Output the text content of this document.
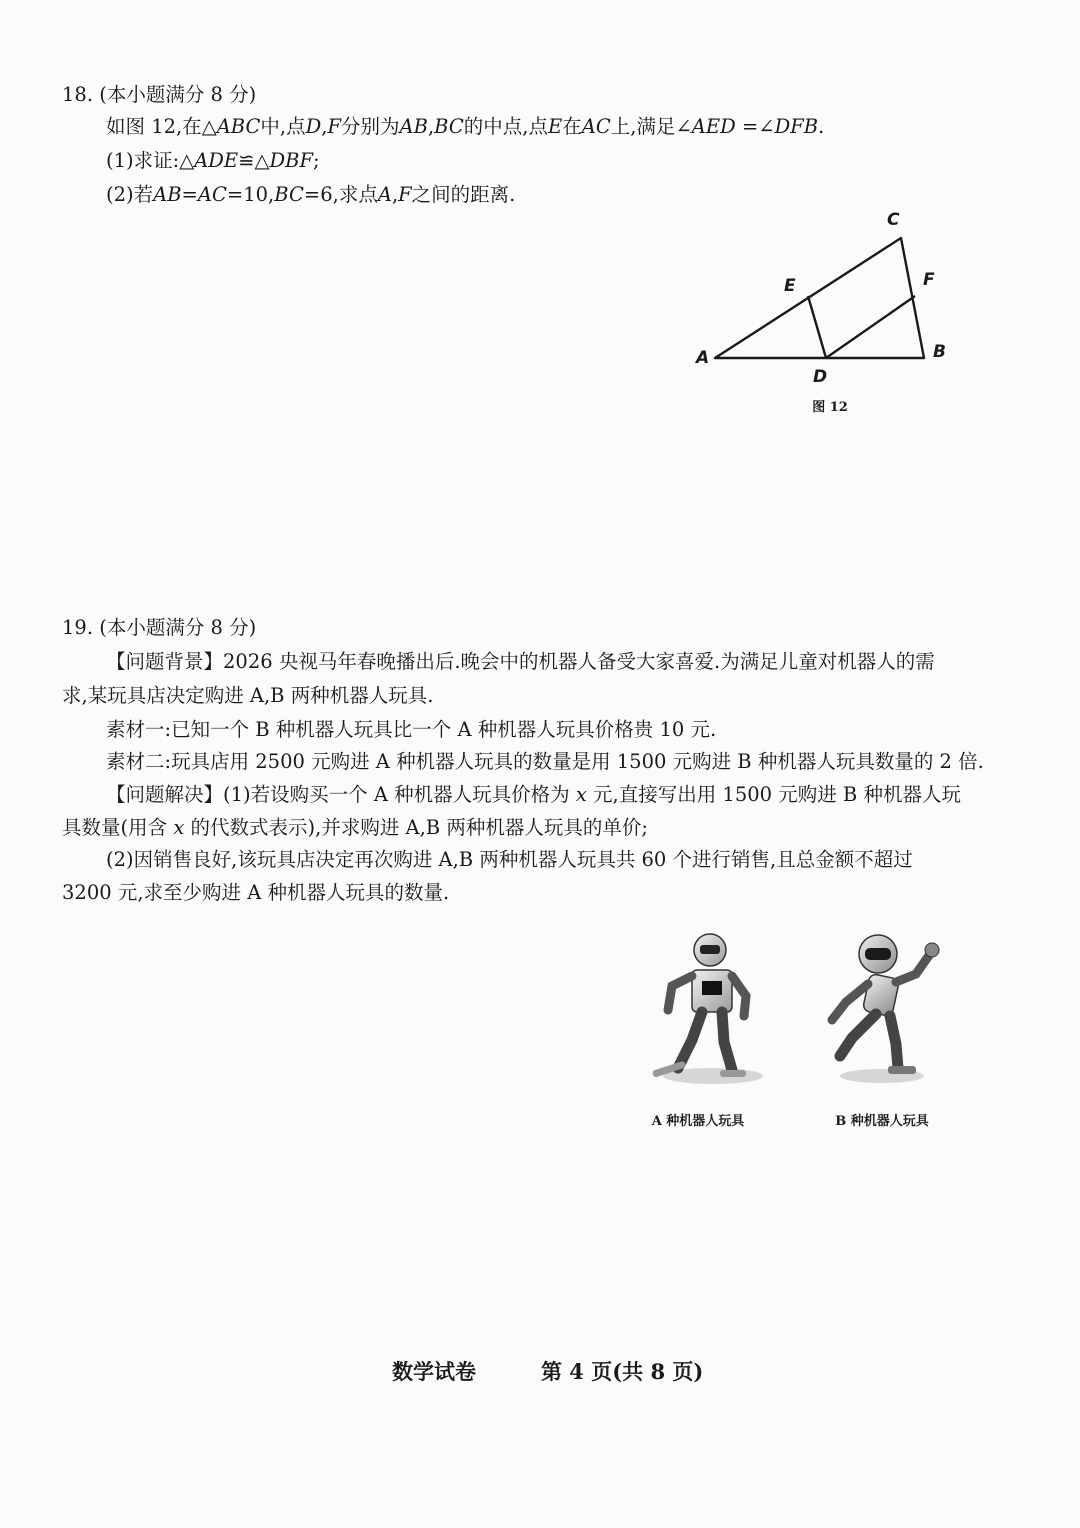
18. (本小题满分 8 分)
如图 12,在△ABC中,点D,F分别为AB,BC的中点,点E在AC上,满足∠AED =∠DFB.
(1)求证:△ADE≌△DBF;
(2)若AB=AC=10,BC=6,求点A,F之间的距离.
A	B
C
D
E	F
图 12
19. (本小题满分 8 分)
【问题背景】2026 央视马年春晚播出后.晚会中的机器人备受大家喜爱.为满足儿童对机器人的需
求,某玩具店决定购进 A,B 两种机器人玩具.
素材一:已知一个 B 种机器人玩具比一个 A 种机器人玩具价格贵 10 元.
素材二:玩具店用 2500 元购进 A 种机器人玩具的数量是用 1500 元购进 B 种机器人玩具数量的 2 倍.
【问题解决】(1)若设购买一个 A 种机器人玩具价格为 x 元,直接写出用 1500 元购进 B 种机器人玩
具数量(用含 x 的代数式表示),并求购进 A,B 两种机器人玩具的单价;
(2)因销售良好,该玩具店决定再次购进 A,B 两种机器人玩具共 60 个进行销售,且总金额不超过
3200 元,求至少购进 A 种机器人玩具的数量.
A 种机器人玩具	B 种机器人玩具
数学试卷	第 4 页(共 8 页)
